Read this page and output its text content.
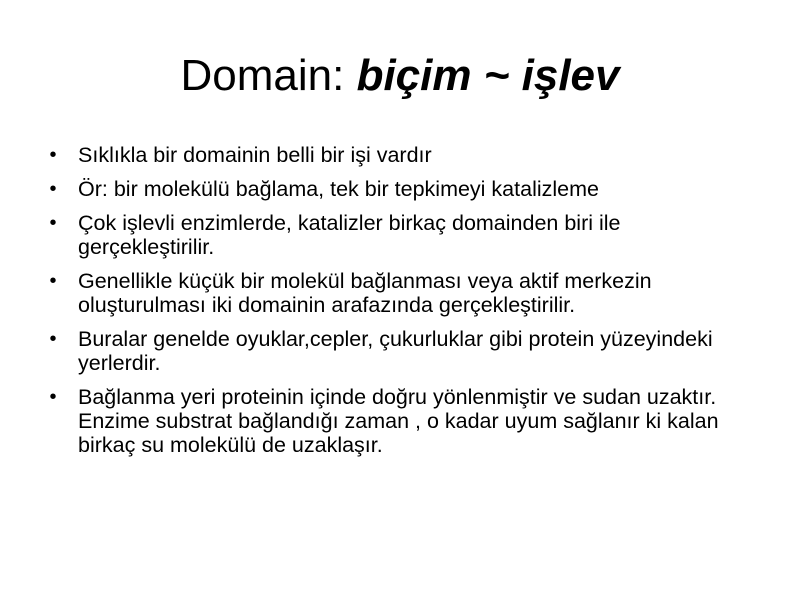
Domain: biçim ~ işlev
• Sıklıkla bir domainin belli bir işi vardır
• Ör: bir molekülü bağlama, tek bir tepkimeyi katalizleme
• Çok işlevli enzimlerde, katalizler birkaç domainden biri ile gerçekleştirilir.
• Genellikle küçük bir molekül bağlanması veya aktif merkezin oluşturulması iki domainin arafazında gerçekleştirilir.
• Buralar genelde oyuklar,cepler, çukurluklar gibi protein yüzeyindeki yerlerdir.
• Bağlanma yeri proteinin içinde doğru yönlenmiştir ve sudan uzaktır. Enzime substrat bağlandığı zaman , o kadar uyum sağlanır ki kalan birkaç su molekülü de uzaklaşır.
